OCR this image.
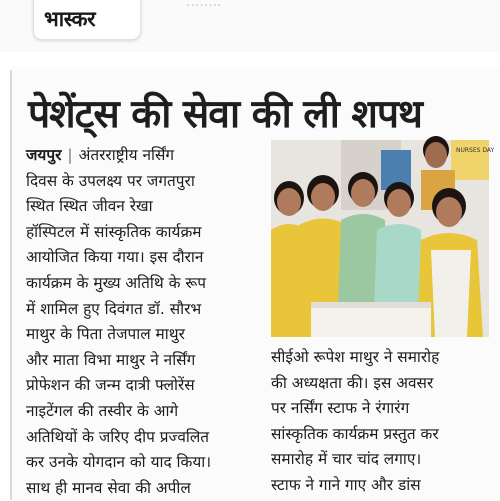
भास्कर
........
पेशेंट्स की सेवा की ली शपथ
जयपुर | अंतरराष्ट्रीय नर्सिंग
दिवस के उपलक्ष्य पर जगतपुरा
स्थित स्थित जीवन रेखा
हॉस्पिटल में सांस्कृतिक कार्यक्रम
आयोजित किया गया। इस दौरान
कार्यक्रम के मुख्य अतिथि के रूप
में शामिल हुए दिवंगत डॉ. सौरभ
माथुर के पिता तेजपाल माथुर
और माता विभा माथुर ने नर्सिंग
प्रोफेशन की जन्म दात्री फ्लोरेंस
नाइटेंगल की तस्वीर के आगे
अतिथियों के जरिए दीप प्रज्वलित
कर उनके योगदान को याद किया।
साथ ही मानव सेवा की अपील
NURSES DAY
सीईओ रूपेश माथुर ने समारोह
की अध्यक्षता की। इस अवसर
पर नर्सिंग स्टाफ ने रंगारंग
सांस्कृतिक कार्यक्रम प्रस्तुत कर
समारोह में चार चांद लगाए।
स्टाफ ने गाने गाए और डांस
